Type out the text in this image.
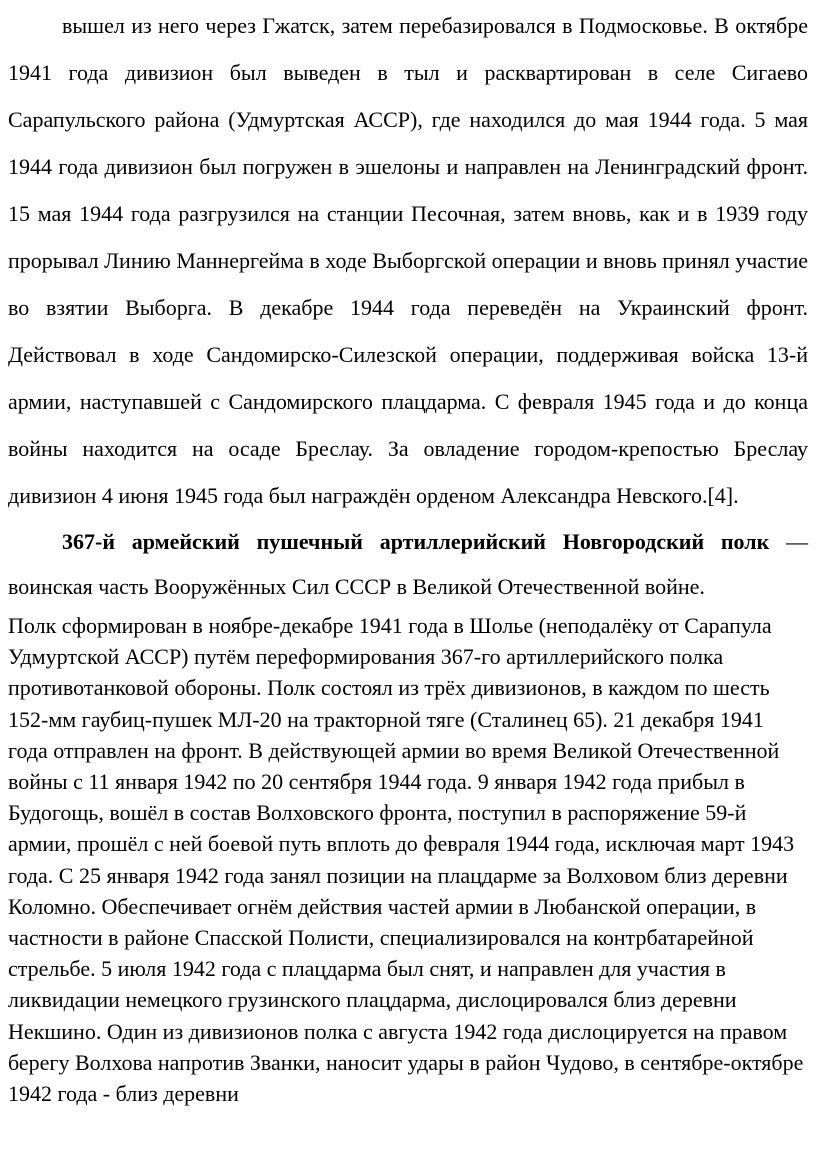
вышел из него через Гжатск, затем перебазировался в Подмосковье. В октябре 1941 года дивизион был выведен в тыл и расквартирован в селе Сигаево Сарапульского района (Удмуртская АССР), где находился до мая 1944 года. 5 мая 1944 года дивизион был погружен в эшелоны и направлен на Ленинградский фронт. 15 мая 1944 года разгрузился на станции Песочная, затем вновь, как и в 1939 году прорывал Линию Маннергейма в ходе Выборгской операции и вновь принял участие во взятии Выборга. В декабре 1944 года переведён на Украинский фронт. Действовал в ходе Сандомирско-Силезской операции, поддерживая войска 13-й армии, наступавшей с Сандомирского плацдарма. С февраля 1945 года и до конца войны находится на осаде Бреслау. За овладение городом-крепостью Бреслау дивизион 4 июня 1945 года был награждён орденом Александра Невского.[4].

367-й армейский пушечный артиллерийский Новгородский полк — воинская часть Вооружённых Сил СССР в Великой Отечественной войне.

Полк сформирован в ноябре-декабре 1941 года в Шолье (неподалёку от Сарапула Удмуртской АССР) путём переформирования 367-го артиллерийского полка противотанковой обороны. Полк состоял из трёх дивизионов, в каждом по шесть 152-мм гаубиц-пушек МЛ-20 на тракторной тяге (Сталинец 65). 21 декабря 1941 года отправлен на фронт. В действующей армии во время Великой Отечественной войны с 11 января 1942 по 20 сентября 1944 года. 9 января 1942 года прибыл в Будогощь, вошёл в состав Волховского фронта, поступил в распоряжение 59-й армии, прошёл с ней боевой путь вплоть до февраля 1944 года, исключая март 1943 года. С 25 января 1942 года занял позиции на плацдарме за Волховом близ деревни Коломно. Обеспечивает огнём действия частей армии в Любанской операции, в частности в районе Спасской Полисти, специализировался на контрбатарейной стрельбе. 5 июля 1942 года с плацдарма был снят, и направлен для участия в ликвидации немецкого грузинского плацдарма, дислоцировался близ деревни Некшино. Один из дивизионов полка с августа 1942 года дислоцируется на правом берегу Волхова напротив Званки, наносит удары в район Чудово, в сентябре-октябре 1942 года - близ деревни
